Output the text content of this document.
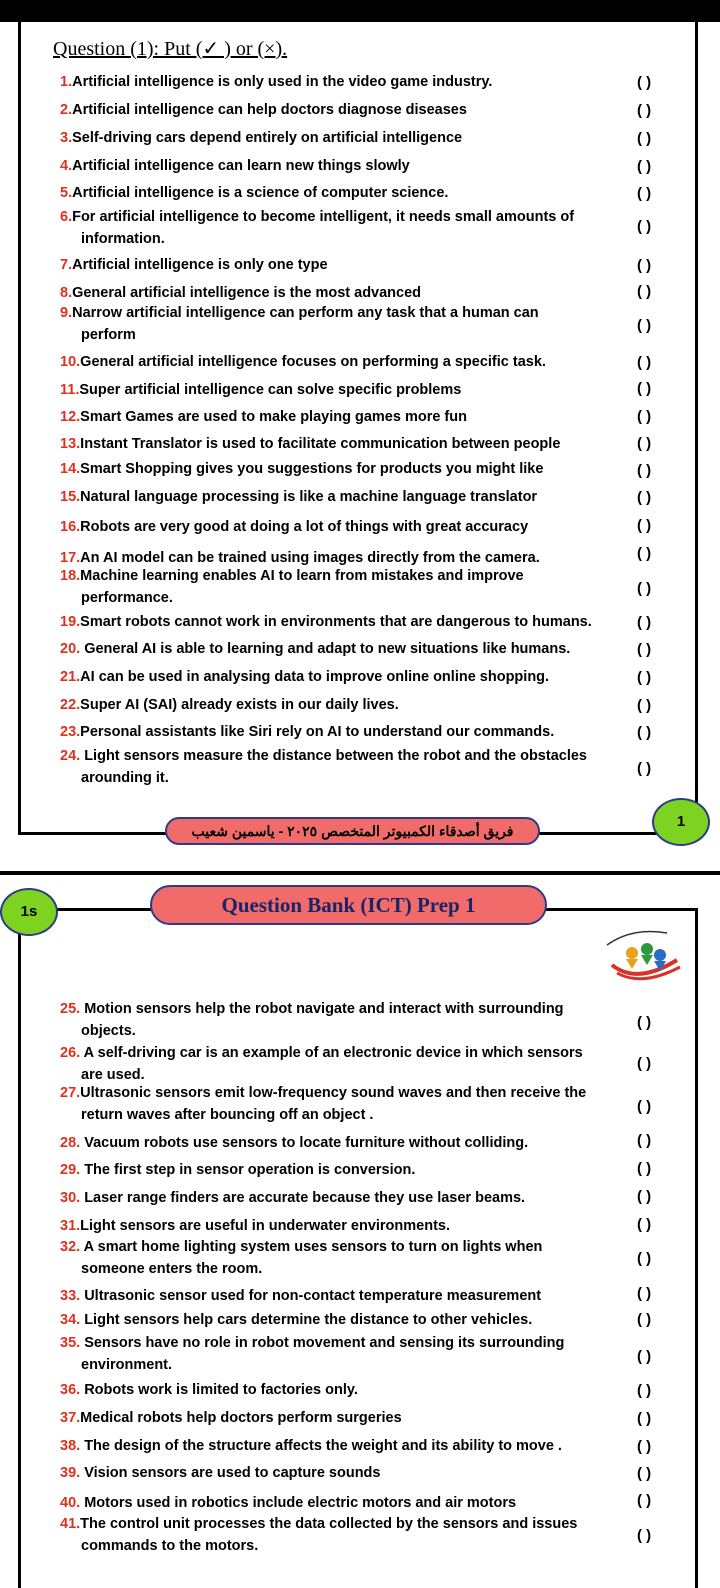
Question (1): Put (✓ ) or (×).
1.Artificial intelligence is only used in the video game industry.	( )
2.Artificial intelligence can help doctors diagnose diseases	( )
3.Self-driving cars depend entirely on artificial intelligence	( )
4.Artificial intelligence can learn new things slowly	( )
5.Artificial intelligence is a science of computer science.	( )
6.For artificial intelligence to become intelligent, it needs small amounts of
information.
( )
7.Artificial intelligence is only one type	( )
8.General artificial intelligence is the most advanced	( )
9.Narrow artificial intelligence can perform any task that a human can
perform
( )
10.General artificial intelligence focuses on performing a specific task.	( )
11.Super artificial intelligence can solve specific problems	( )
12.Smart Games are used to make playing games more fun	( )
13.Instant Translator is used to facilitate communication between people	( )
14.Smart Shopping gives you suggestions for products you might like	( )
15.Natural language processing is like a machine language translator	( )
16.Robots are very good at doing a lot of things with great accuracy	( )
17.An AI model can be trained using images directly from the camera.	( )
18.Machine learning enables AI to learn from mistakes and improve
performance.
( )
19.Smart robots cannot work in environments that are dangerous to humans.	( )
20. General AI is able to learning and adapt to new situations like humans.	( )
21.AI can be used in analysing data to improve online online shopping.	( )
22.Super AI (SAI) already exists in our daily lives.	( )
23.Personal assistants like Siri rely on AI to understand our commands.	( )
24. Light sensors measure the distance between the robot and the obstacles
arounding it.
( )
25. Motion sensors help the robot navigate and interact with surrounding
objects.	( )
26. A self-driving car is an example of an electronic device in which sensors
are used.
( )
27.Ultrasonic sensors emit low-frequency sound waves and then receive the
return waves after bouncing off an object .	( )
28. Vacuum robots use sensors to locate furniture without colliding.	( )
29. The first step in sensor operation is conversion.	( )
30. Laser range finders are accurate because they use laser beams.	( )
31.Light sensors are useful in underwater environments.	( )
32. A smart home lighting system uses sensors to turn on lights when
someone enters the room.
( )
33. Ultrasonic sensor used for non-contact temperature measurement	( )
34. Light sensors help cars determine the distance to other vehicles.	( )
35. Sensors have no role in robot movement and sensing its surrounding
environment.	( )
36. Robots work is limited to factories only.	( )
37.Medical robots help doctors perform surgeries	( )
38. The design of the structure affects the weight and its ability to move .	( )
39. Vision sensors are used to capture sounds	( )
40. Motors used in robotics include electric motors and air motors	( )
41.The control unit processes the data collected by the sensors and issues
commands to the motors.
( )
فريق أصدقاء الكمبيوتر المتخصص ٢٠٢٥ - ياسمين شعيب
1
1s	Question Bank (ICT) Prep 1
